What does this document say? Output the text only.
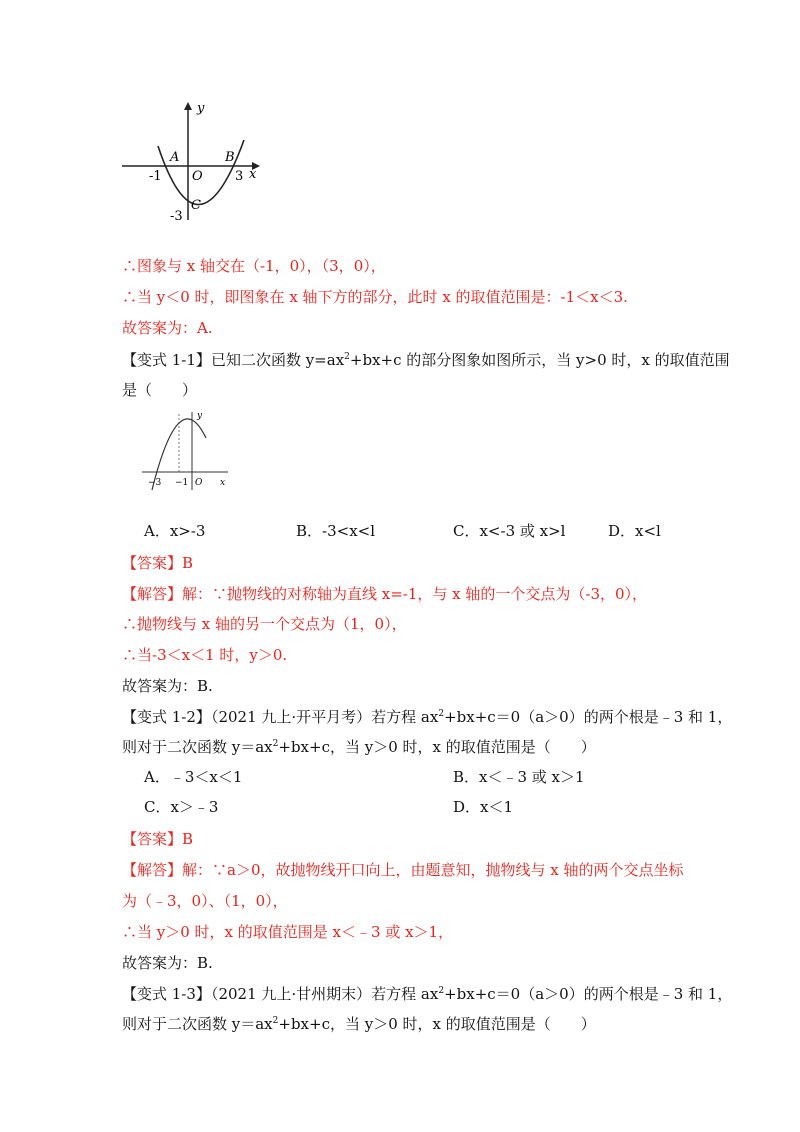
y
x
A	B
O
-1	3
-3
C
∴图象与 x 轴交在（-1，0），（3，0），
∴当 y＜0 时，即图象在 x 轴下方的部分，此时 x 的取值范围是：-1＜x＜3.
故答案为：A.
【变式 1-1】已知二次函数 $y=ax^2+bx+c$ 的部分图象如图所示，当 y>0 时，x 的取值范围
是（　　）
y
−3 −1 O x
A．x>-3	B．-3<x<l	C．x<-3 或 x>l	D．x<l
【答案】B
【解答】解：∵抛物线的对称轴为直线 x=-1，与 x 轴的一个交点为（-3，0），
∴抛物线与 x 轴的另一个交点为（1，0），
∴当-3＜x＜1 时，y＞0.
故答案为：B.
【变式 1-2】（2021 九上·开平月考）若方程 $ax^2+bx+c=0(a>0)$的两个根是﹣3 和 1，
则对于二次函数 $y=ax^2+bx+c$，当 y＞0 时，x 的取值范围是（　　）
A．﹣3＜x＜1	B．x＜﹣3 或 x＞1
C．x＞﹣3	D．x＜1
【答案】B
【解答】解：∵a＞0，故抛物线开口向上，由题意知，抛物线与 x 轴的两个交点坐标
为（﹣3，0）、（1，0），
∴当 y＞0 时，x 的取值范围是 x＜﹣3 或 x＞1，
故答案为：B.
【变式 1-3】（2021 九上·甘州期末）若方程 $ax^2+bx+c=0(a>0)$的两个根是﹣3 和 1，
则对于二次函数 $y=ax^2+bx+c$，当 y＞0 时，x 的取值范围是（　　）
